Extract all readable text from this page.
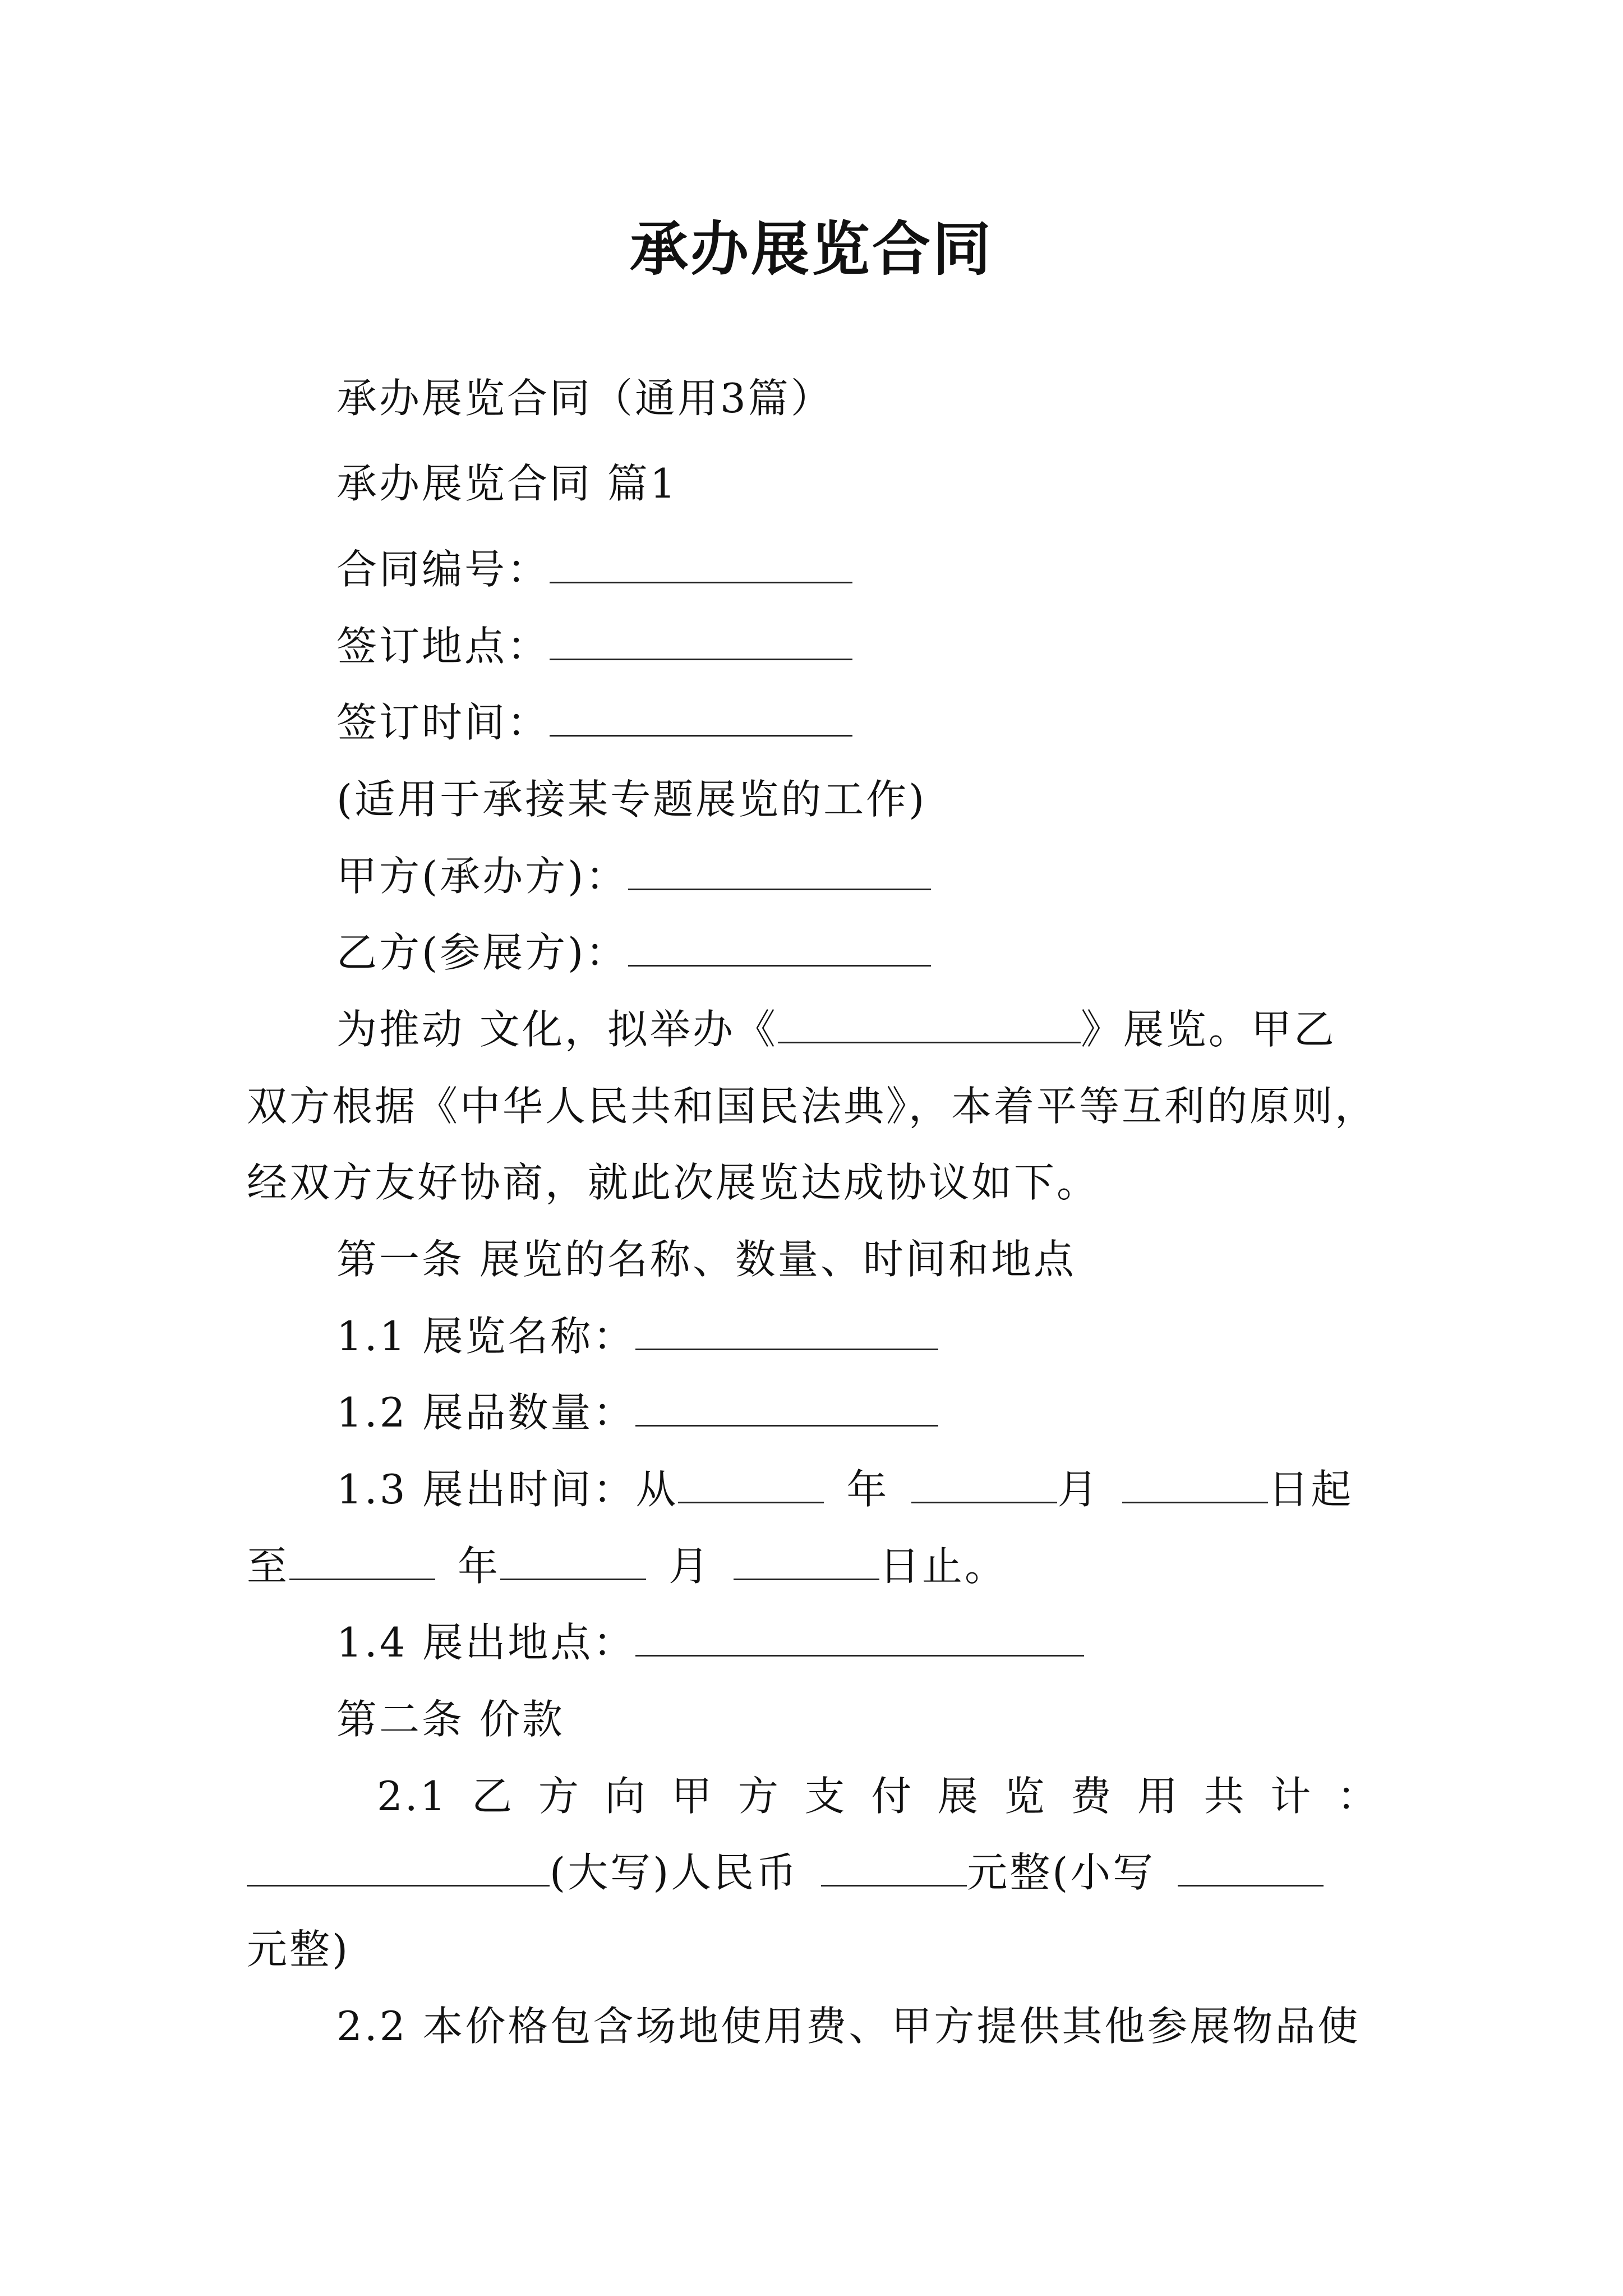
承办展览合同
承办展览合同（通用3篇）
承办展览合同 篇1
合同编号：
签订地点：
签订时间：
(适用于承接某专题展览的工作)
甲方(承办方)：
乙方(参展方)：
为推动 文化，拟举办《	》展览。甲乙
双方根据《中华人民共和国民法典》，本着平等互利的原则，
经双方友好协商，就此次展览达成协议如下。
第一条 展览的名称、数量、时间和地点
1.1 展览名称：
1.2 展品数量：
1.3 展出时间：从	年	月	日起
至	年	月	日止。
1.4 展出地点：
第二条 价款
2.1 乙 方 向 甲 方 支 付 展 览 费 用 共 计 ：
(大写)人民币	元整(小写
元整)
2.2 本价格包含场地使用费、甲方提供其他参展物品使
